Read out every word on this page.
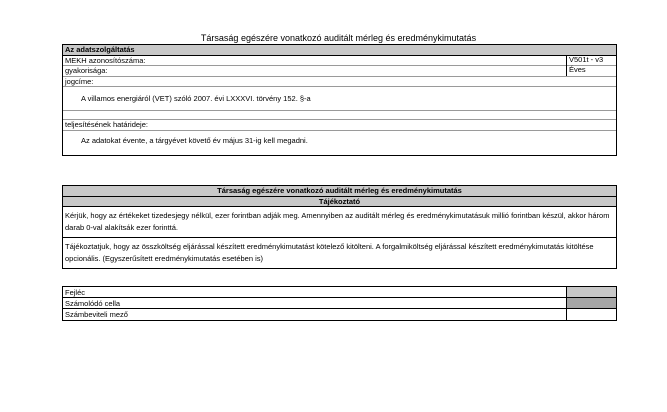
Társaság egészére vonatkozó auditált mérleg és eredménykimutatás
Az adatszolgáltatás
MEKH azonosítószáma:	V501t - v3
gyakorisága:	Éves
jogcíme:
A villamos energiáról (VET) szóló 2007. évi LXXXVI. törvény 152. §-a
teljesítésének határideje:
Az adatokat évente, a tárgyévet követő év május 31-ig kell megadni.
Társaság egészére vonatkozó auditált mérleg és eredménykimutatás
Tájékoztató
Kérjük, hogy az értékeket tizedesjegy nélkül, ezer forintban adják meg. Amennyiben az auditált mérleg és eredménykimutatásuk millió forintban készül, akkor három darab 0-val alakítsák ezer forinttá.
Tájékoztatjuk, hogy az összköltség eljárással készített eredménykimutatást kötelező kitölteni. A forgalmiköltség eljárással készített eredménykimutatás kitöltése opcionális. (Egyszerűsített eredménykimutatás esetében is)
Fejléc
Számolódó cella
Számbeviteli mező
